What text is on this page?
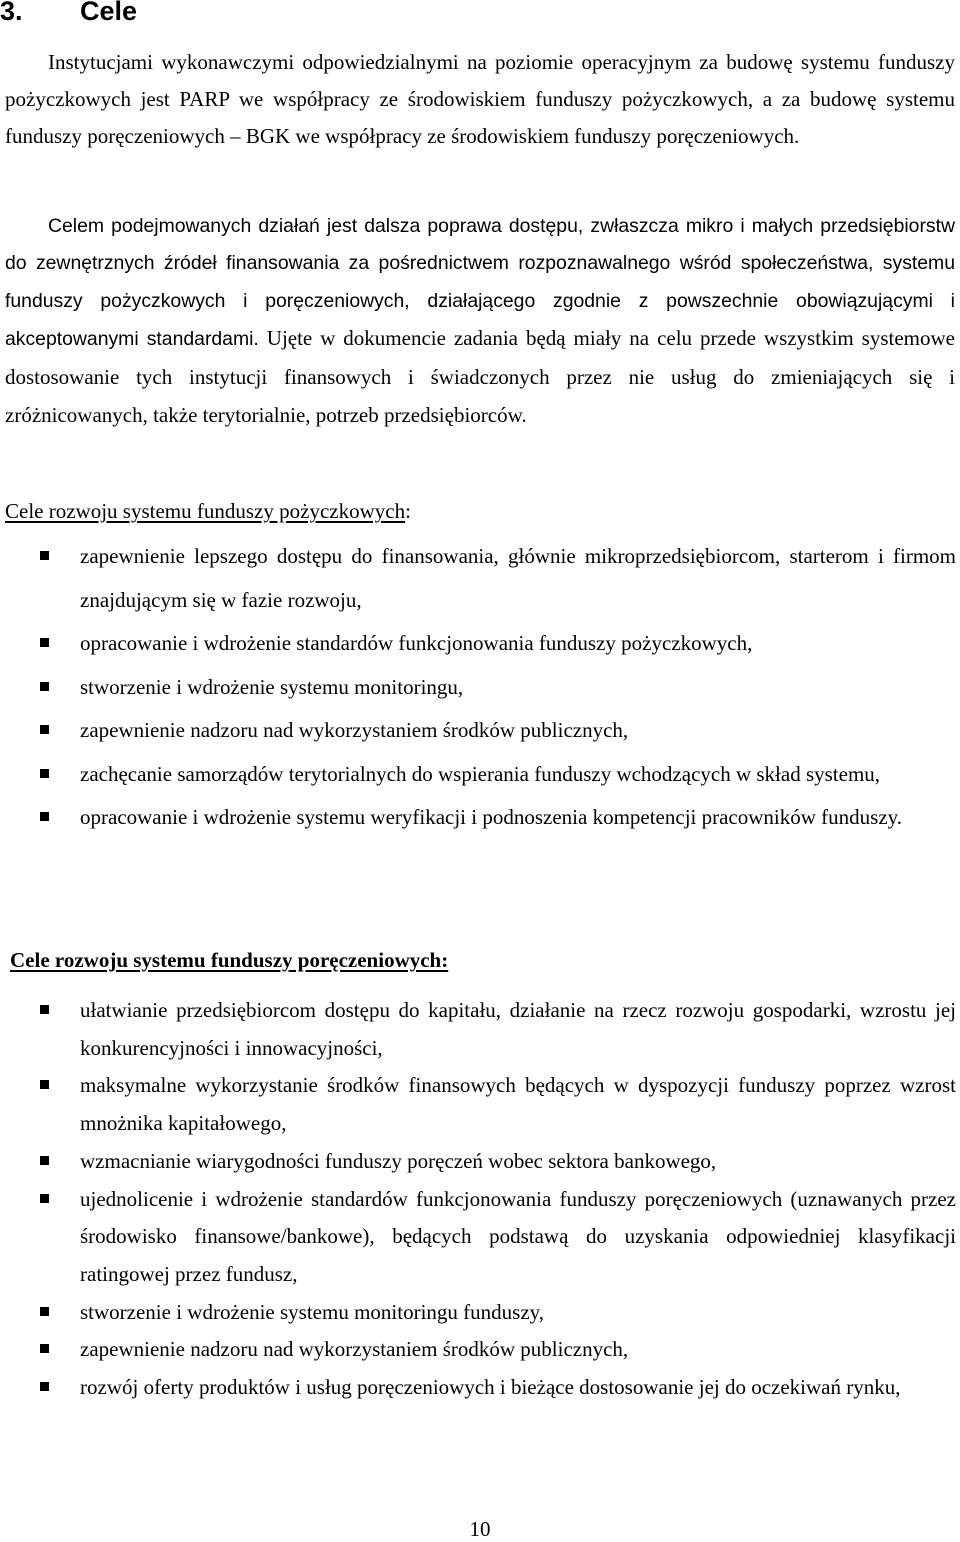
3. Cele

Instytucjami wykonawczymi odpowiedzialnymi na poziomie operacyjnym za budowę systemu funduszy pożyczkowych jest PARP we współpracy ze środowiskiem funduszy pożyczkowych, a za budowę systemu funduszy poręczeniowych – BGK we współpracy ze środowiskiem funduszy poręczeniowych.

Celem podejmowanych działań jest dalsza poprawa dostępu, zwłaszcza mikro i małych przedsiębiorstw do zewnętrznych źródeł finansowania za pośrednictwem rozpoznawalnego wśród społeczeństwa, systemu funduszy pożyczkowych i poręczeniowych, działającego zgodnie z powszechnie obowiązującymi i akceptowanymi standardami. Ujęte w dokumencie zadania będą miały na celu przede wszystkim systemowe dostosowanie tych instytucji finansowych i świadczonych przez nie usług do zmieniających się i zróżnicowanych, także terytorialnie, potrzeb przedsiębiorców.

Cele rozwoju systemu funduszy pożyczkowych:
zapewnienie lepszego dostępu do finansowania, głównie mikroprzedsiębiorcom, starterom i firmom znajdującym się w fazie rozwoju,
opracowanie i wdrożenie standardów funkcjonowania funduszy pożyczkowych,
stworzenie i wdrożenie systemu monitoringu,
zapewnienie nadzoru nad wykorzystaniem środków publicznych,
zachęcanie samorządów terytorialnych do wspierania funduszy wchodzących w skład systemu,
opracowanie i wdrożenie systemu weryfikacji i podnoszenia kompetencji pracowników funduszy.
Cele rozwoju systemu funduszy poręczeniowych:
ułatwianie przedsiębiorcom dostępu do kapitału, działanie na rzecz rozwoju gospodarki, wzrostu jej konkurencyjności i innowacyjności,
maksymalne wykorzystanie środków finansowych będących w dyspozycji funduszy poprzez wzrost mnożnika kapitałowego,
wzmacnianie wiarygodności funduszy poręczeń wobec sektora bankowego,
ujednolicenie i wdrożenie standardów funkcjonowania funduszy poręczeniowych (uznawanych przez środowisko finansowe/bankowe), będących podstawą do uzyskania odpowiedniej klasyfikacji ratingowej przez fundusz,
stworzenie i wdrożenie systemu monitoringu funduszy,
zapewnienie nadzoru nad wykorzystaniem środków publicznych,
rozwój oferty produktów i usług poręczeniowych i bieżące dostosowanie jej do oczekiwań rynku,
10
